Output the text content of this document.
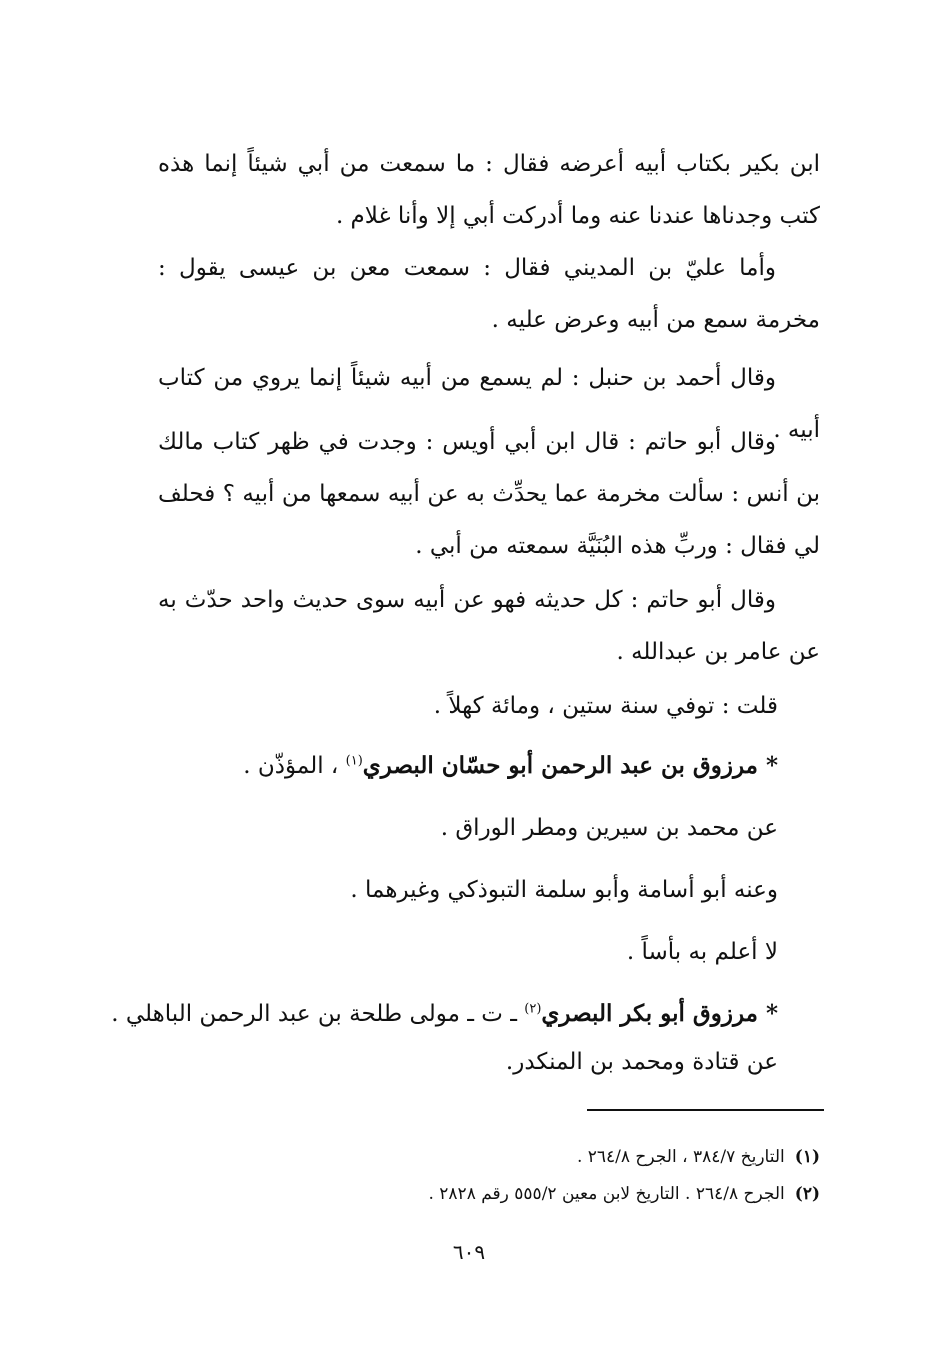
ابن بكير بكتاب أبيه أعرضه فقال : ما سمعت من أبي شيئاً إنما هذه كتب وجدناها عندنا عنه وما أدركت أبي إلا وأنا غلام .

وأما عليّ بن المديني فقال : سمعت معن بن عيسى يقول : مخرمة سمع من أبيه وعرض عليه .

وقال أحمد بن حنبل : لم يسمع من أبيه شيئاً إنما يروي من كتاب أبيه .

وقال أبو حاتم : قال ابن أبي أويس : وجدت في ظهر كتاب مالك بن أنس : سألت مخرمة عما يحدِّث به عن أبيه سمعها من أبيه ؟ فحلف لي فقال : وربِّ هذه البُنَيَّة سمعته من أبي .

وقال أبو حاتم : كل حديثه فهو عن أبيه سوى حديث واحد حدّث به عن عامر بن عبدالله .

قلت : توفي سنة ستين ، ومائة كهلاً .
* مرزوق بن عبد الرحمن أبو حسّان البصري$^{(١)}$ ، المؤذّن .
عن محمد بن سيرين ومطر الوراق .
وعنه أبو أسامة وأبو سلمة التبوذكي وغيرهما .
لا أعلم به بأساً .
* مرزوق أبو بكر البصري$^{(٢)}$ ـ ت ـ مولى طلحة بن عبد الرحمن الباهلي .
عن قتادة ومحمد بن المنكدر.
(١)التاريخ ٣٨٤/٧ ، الجرح ٢٦٤/٨ .
(٢)الجرح ٢٦٤/٨ . التاريخ لابن معين ٥٥٥/٢ رقم ٢٨٢٨ .
٦٠٩
